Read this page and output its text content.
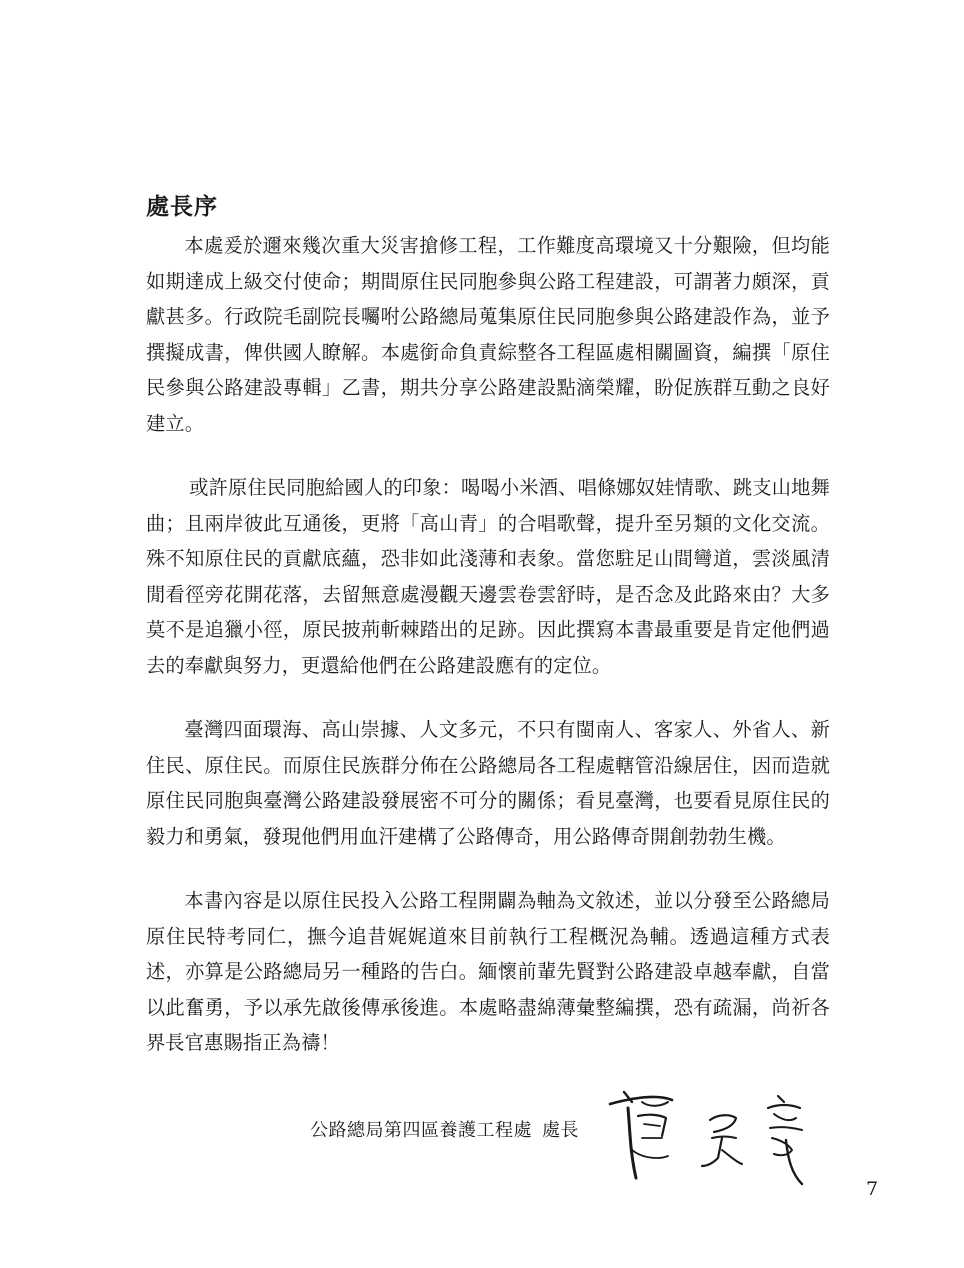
處長序

本處爰於邇來幾次重大災害搶修工程，工作難度高環境又十分艱險，但均能如期達成上級交付使命；期間原住民同胞參與公路工程建設，可謂著力頗深，貢獻甚多。行政院毛副院長囑咐公路總局蒐集原住民同胞參與公路建設作為，並予撰擬成書，俾供國人瞭解。本處銜命負責綜整各工程區處相關圖資，編撰「原住民參與公路建設專輯」乙書，期共分享公路建設點滴榮耀，盼促族群互動之良好建立。

或許原住民同胞給國人的印象：喝喝小米酒、唱條娜奴娃情歌、跳支山地舞曲；且兩岸彼此互通後，更將「高山青」的合唱歌聲，提升至另類的文化交流。殊不知原住民的貢獻底蘊，恐非如此淺薄和表象。當您駐足山間彎道，雲淡風清閒看徑旁花開花落，去留無意處漫觀天邊雲卷雲舒時，是否念及此路來由？大多莫不是追獵小徑，原民披荊斬棘踏出的足跡。因此撰寫本書最重要是肯定他們過去的奉獻與努力，更還給他們在公路建設應有的定位。

臺灣四面環海、高山崇據、人文多元，不只有閩南人、客家人、外省人、新住民、原住民。而原住民族群分佈在公路總局各工程處轄管沿線居住，因而造就原住民同胞與臺灣公路建設發展密不可分的關係；看見臺灣，也要看見原住民的毅力和勇氣，發現他們用血汗建構了公路傳奇，用公路傳奇開創勃勃生機。

本書內容是以原住民投入公路工程開闢為軸為文敘述，並以分發至公路總局原住民特考同仁，撫今追昔娓娓道來目前執行工程概況為輔。透過這種方式表述，亦算是公路總局另一種路的告白。緬懷前輩先賢對公路建設卓越奉獻，自當以此奮勇，予以承先啟後傳承後進。本處略盡綿薄彙整編撰，恐有疏漏，尚祈各界長官惠賜指正為禱！

公路總局第四區養護工程處 處長
7
